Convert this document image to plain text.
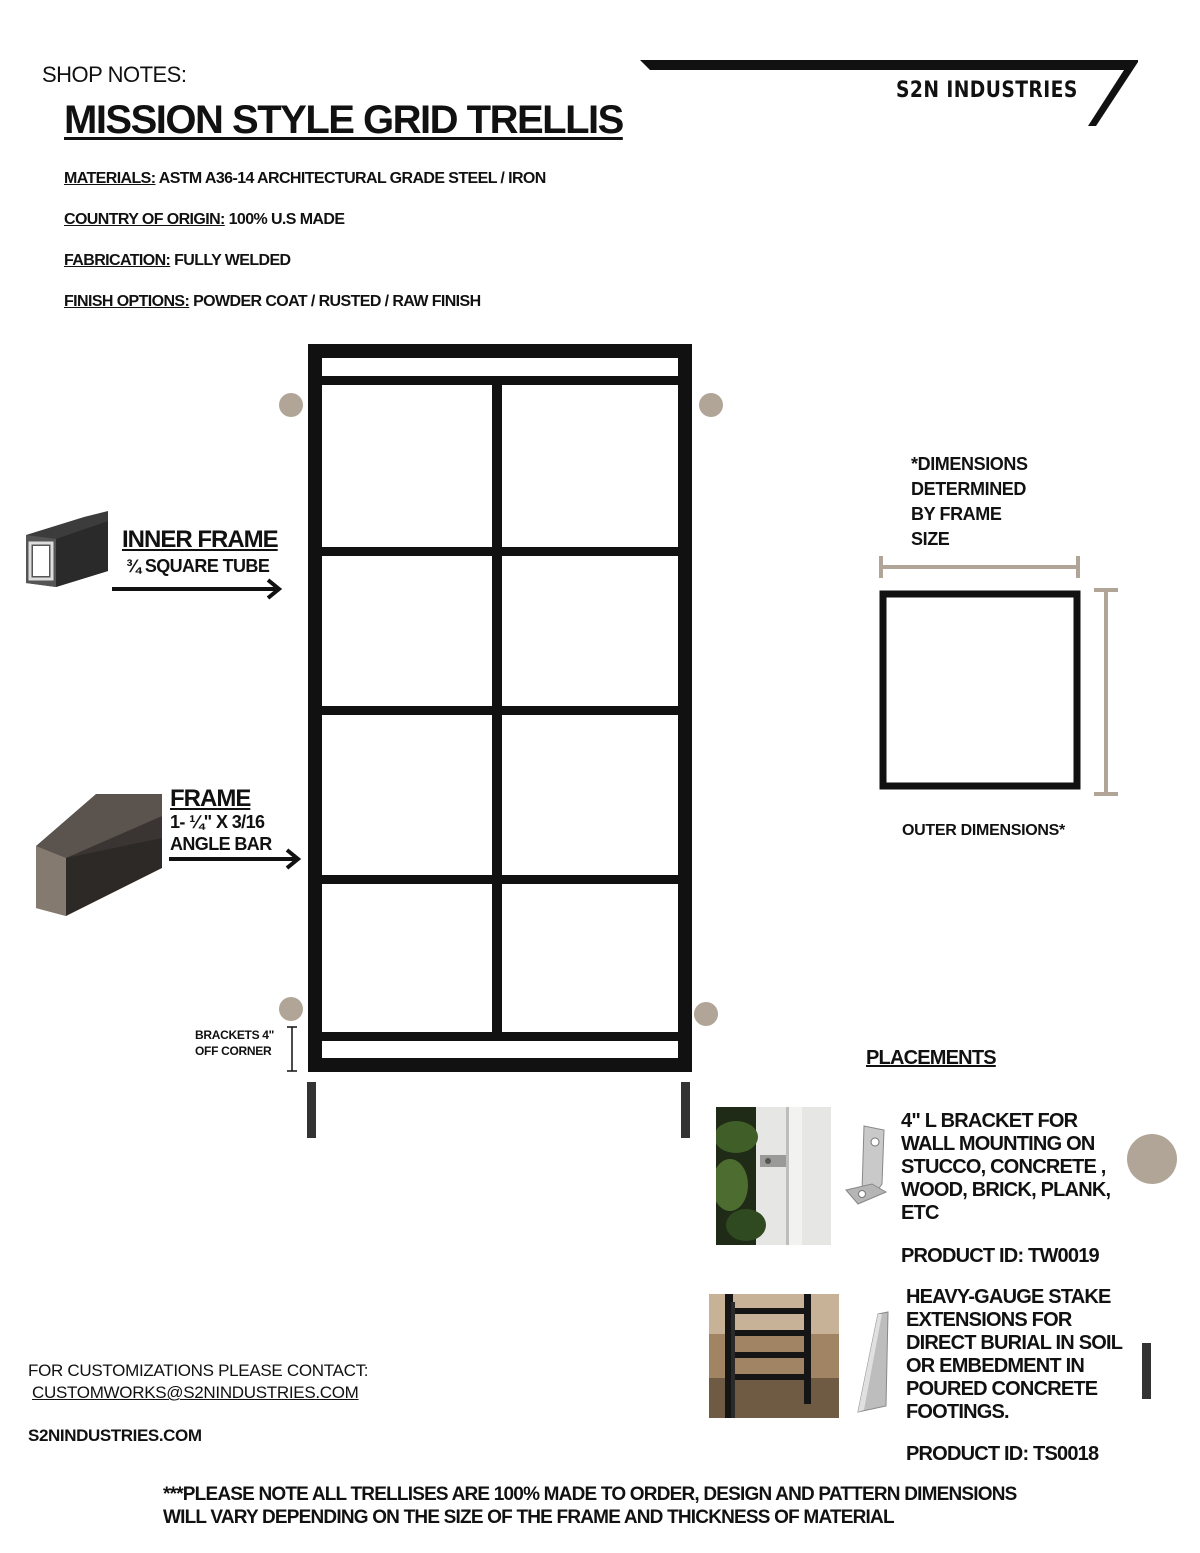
SHOP NOTES:
MISSION STYLE GRID TRELLIS
S2N INDUSTRIES
MATERIALS: ASTM A36-14 ARCHITECTURAL GRADE STEEL / IRON
COUNTRY OF ORIGIN: 100% U.S MADE
FABRICATION: FULLY WELDED
FINISH OPTIONS: POWDER COAT / RUSTED / RAW FINISH
INNER FRAME
¾ SQUARE TUBE
FRAME
1- ¼" X 3/16
ANGLE BAR
BRACKETS 4"
OFF CORNER
*DIMENSIONS
DETERMINED
BY FRAME
SIZE
OUTER DIMENSIONS*
PLACEMENTS
4" L BRACKET FOR
WALL MOUNTING ON
STUCCO, CONCRETE ,
WOOD, BRICK, PLANK,
ETC
PRODUCT ID: TW0019
HEAVY-GAUGE STAKE
EXTENSIONS FOR
DIRECT BURIAL IN SOIL
OR EMBEDMENT IN
POURED CONCRETE
FOOTINGS.
PRODUCT ID: TS0018
FOR CUSTOMIZATIONS PLEASE CONTACT:
CUSTOMWORKS@S2NINDUSTRIES.COM
S2NINDUSTRIES.COM
***PLEASE NOTE ALL TRELLISES ARE 100% MADE TO ORDER, DESIGN AND PATTERN DIMENSIONS
WILL VARY DEPENDING ON THE SIZE OF THE FRAME AND THICKNESS OF MATERIAL
